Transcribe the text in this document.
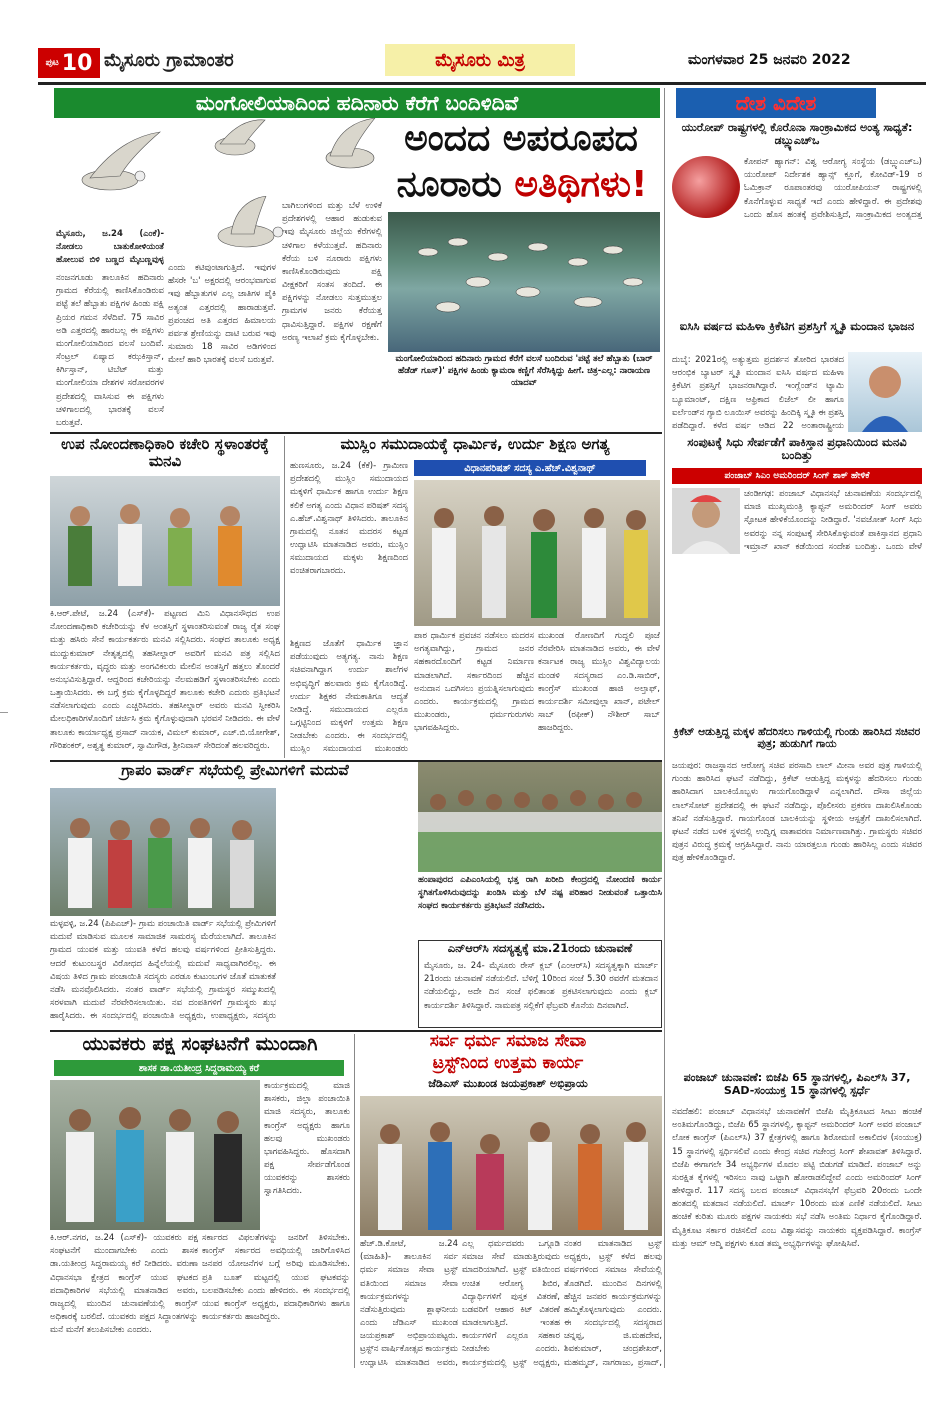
ಪುಟ 10 ಮೈಸೂರು ಗ್ರಾಮಾಂತರ	ಮೈಸೂರು ಮಿತ್ರ	ಮಂಗಳವಾರ 25 ಜನವರಿ 2022
ಮಂಗೋಲಿಯಾದಿಂದ ಹದಿನಾರು ಕೆರೆಗೆ ಬಂದಿಳಿದಿವೆ
ಅಂದದ ಅಪರೂಪದ
ನೂರಾರು ಅತಿಥಿಗಳು!
ಮೈಸೂರು, ಜ.24 (ಎಂಕೆ)- ನೋಡಲು ಬಾತುಕೋಳಿಯಂತೆ ಹೋಲುವ ಬಿಳಿ ಬಣ್ಣದ ಮೈಬಣ್ಣವುಳ್ಳ
ನಂಜನಗೂಡು ತಾಲೂಕಿನ ಹದಿನಾರು ಗ್ರಾಮದ ಕೆರೆಯಲ್ಲಿ ಕಾಣಿಸಿಕೊಂಡಿರುವ ಪಟ್ಟೆ ತಲೆ ಹೆಬ್ಬಾತು ಪಕ್ಷಿಗಳ ಹಿಂಡು ಪಕ್ಷಿ ಪ್ರಿಯರ ಗಮನ ಸೆಳೆದಿವೆ. 75 ಸಾವಿರ ಅಡಿ ಎತ್ತರದಲ್ಲಿ ಹಾರಬಲ್ಲ ಈ ಪಕ್ಷಿಗಳು ಮಂಗೋಲಿಯಾದಿಂದ ವಲಸೆ ಬಂದಿವೆ. ಸೆಂಟ್ರಲ್ ಏಷ್ಯಾದ ಕಝಕಿಸ್ತಾನ್, ಕಿರ್ಗಿಸ್ತಾನ್, ಟಿಬೆಟ್ ಮತ್ತು ಮಂಗೋಲಿಯಾ ದೇಶಗಳ ಸರೋವರಗಳ ಪ್ರದೇಶದಲ್ಲಿ ವಾಸಿಸುವ ಈ ಪಕ್ಷಿಗಳು ಚಳಿಗಾಲದಲ್ಲಿ ಭಾರತಕ್ಕೆ ವಲಸೆ ಬರುತ್ತವೆ.
ಎಂದು ಕಟಿವುಂಟಾಗುತ್ತಿದೆ. ಇವುಗಳ ಹೆಸರೇ 'ಬ' ಅಕ್ಷರದಲ್ಲಿ ಆರಂಭವಾಗುವ ಇವು ಹೆಬ್ಬಾತುಗಳ ಎಲ್ಲ ಜಾತಿಗಳ ಪೈಕಿ ಅತ್ಯಂತ ಎತ್ತರದಲ್ಲಿ ಹಾರಾಡುತ್ತವೆ. ಪ್ರಪಂಚದ ಅತಿ ಎತ್ತರದ ಹಿಮಾಲಯ ಪರ್ವತ ಶ್ರೇಣಿಯನ್ನು ದಾಟಿ ಬರುವ ಇವು ಸುಮಾರು 18 ಸಾವಿರ ಅಡಿಗಳಿಂದ ಮೇಲೆ ಹಾರಿ ಭಾರತಕ್ಕೆ ವಲಸೆ ಬರುತ್ತವೆ.
ಬಾಗಿಲುಗಳಿಂದ ಮತ್ತು ಬೆಳೆ ಉಳಿಕೆ ಪ್ರದೇಶಗಳಲ್ಲಿ ಆಹಾರ ಹುಡುಕುವ ಇವು ಮೈಸೂರು ಜಿಲ್ಲೆಯ ಕೆರೆಗಳಲ್ಲಿ ಚಳಿಗಾಲ ಕಳೆಯುತ್ತವೆ. ಹದಿನಾರು ಕೆರೆಯ ಬಳಿ ನೂರಾರು ಪಕ್ಷಿಗಳು ಕಾಣಿಸಿಕೊಂಡಿರುವುದು ಪಕ್ಷಿ ವೀಕ್ಷಕರಿಗೆ ಸಂತಸ ತಂದಿದೆ. ಈ ಪಕ್ಷಿಗಳನ್ನು ನೋಡಲು ಸುತ್ತಮುತ್ತಲ ಗ್ರಾಮಗಳ ಜನರು ಕೆರೆಯತ್ತ ಧಾವಿಸುತ್ತಿದ್ದಾರೆ. ಪಕ್ಷಿಗಳ ರಕ್ಷಣೆಗೆ ಅರಣ್ಯ ಇಲಾಖೆ ಕ್ರಮ ಕೈಗೊಳ್ಳಬೇಕು.
ಮಂಗೋಲಿಯಾದಿಂದ ಹದಿನಾರು ಗ್ರಾಮದ ಕೆರೆಗೆ ವಲಸೆ ಬಂದಿರುವ 'ಪಟ್ಟೆ ತಲೆ ಹೆಬ್ಬಾತು (ಬಾರ್ ಹೆಡೆಡ್ ಗೂಸ್)' ಪಕ್ಷಿಗಳ ಹಿಂಡು ಕ್ಯಾಮರಾ ಕಣ್ಣಿಗೆ ಸೆರೆಸಿಕ್ಕಿದ್ದು ಹೀಗೆ. ಚಿತ್ರ-ಎಲ್ಲ: ನಾರಾಯಣ ಯಾದವ್
ದೇಶ ವಿದೇಶ
ಯುರೋಪ್ ರಾಷ್ಟ್ರಗಳಲ್ಲಿ ಕೊರೊನಾ ಸಾಂಕ್ರಾಮಿಕದ ಅಂತ್ಯ ಸಾಧ್ಯತೆ: ಡಬ್ಲ್ಯುಎಚ್‌ಒ
ಕೋಪನ್ ಹ್ಯಾಗನ್: ವಿಶ್ವ ಆರೋಗ್ಯ ಸಂಸ್ಥೆಯ (ಡಬ್ಲ್ಯುಎಚ್‌ಒ) ಯುರೋಪ್ ನಿರ್ದೇಶಕ ಹ್ಯಾನ್ಸ್ ಕ್ಲೂಗೆ, ಕೋವಿಡ್-19 ರ ಓಮಿಕ್ರಾನ್ ರೂಪಾಂತರವು ಯುರೋಪಿಯನ್ ರಾಷ್ಟ್ರಗಳಲ್ಲಿ ಕೊನೆಗೊಳ್ಳುವ ಸಾಧ್ಯತೆ ಇದೆ ಎಂದು ಹೇಳಿದ್ದಾರೆ. ಈ ಪ್ರದೇಶವು ಒಂದು ಹೊಸ ಹಂತಕ್ಕೆ ಪ್ರವೇಶಿಸುತ್ತಿದೆ, ಸಾಂಕ್ರಾಮಿಕದ ಅಂತ್ಯದತ್ತ
ಐಸಿಸಿ ವರ್ಷದ ಮಹಿಳಾ ಕ್ರಿಕೆಟಿಗ ಪ್ರಶಸ್ತಿಗೆ ಸ್ಮೃತಿ ಮಂದಾನ ಭಾಜನ
ದುಬೈ: 2021ರಲ್ಲಿ ಅತ್ಯುತ್ತಮ ಪ್ರದರ್ಶನ ತೋರಿದ ಭಾರತದ ಆರಂಭಿಕ ಬ್ಯಾಟರ್ ಸ್ಮೃತಿ ಮಂದಾನ ಐಸಿಸಿ ವರ್ಷದ ಮಹಿಳಾ ಕ್ರಿಕೆಟಿಗ ಪ್ರಶಸ್ತಿಗೆ ಭಾಜನರಾಗಿದ್ದಾರೆ. ಇಂಗ್ಲೆಂಡ್‌ನ ಟ್ಯಾಮಿ ಬ್ಯೂಮಾಂಟ್, ದಕ್ಷಿಣ ಆಫ್ರಿಕಾದ ಲಿಜೆಲ್ ಲೀ ಹಾಗೂ ಐರ್ಲೆಂಡ್‌ನ ಗ್ಯಾಬಿ ಲೂಯಿಸ್ ಅವರನ್ನು ಹಿಂದಿಕ್ಕಿ ಸ್ಮೃತಿ ಈ ಪ್ರಶಸ್ತಿ ಪಡೆದಿದ್ದಾರೆ. ಕಳೆದ ವರ್ಷ ಆಡಿದ 22 ಅಂತಾರಾಷ್ಟ್ರೀಯ
ಸಂಪುಟಕ್ಕೆ ಸಿಧು ಸೇರ್ಪಡೆಗೆ ಪಾಕಿಸ್ತಾನ ಪ್ರಧಾನಿಯಿಂದ ಮನವಿ ಬಂದಿತ್ತು
ಪಂಜಾಬ್ ಸಿಎಂ ಅಮರಿಂದರ್ ಸಿಂಗ್ ಶಾಕ್ ಹೇಳಿಕೆ
ಚಂಡೀಗಢ: ಪಂಜಾಬ್ ವಿಧಾನಸಭೆ ಚುನಾವಣೆಯ ಸಂದರ್ಭದಲ್ಲಿ ಮಾಜಿ ಮುಖ್ಯಮಂತ್ರಿ ಕ್ಯಾಪ್ಟನ್ ಅಮರಿಂದರ್ ಸಿಂಗ್ ಅವರು ಸ್ಫೋಟಕ ಹೇಳಿಕೆಯೊಂದನ್ನು ನೀಡಿದ್ದಾರೆ. 'ನವಜೋತ್ ಸಿಂಗ್ ಸಿಧು ಅವರನ್ನು ನನ್ನ ಸಂಪುಟಕ್ಕೆ ಸೇರಿಸಿಕೊಳ್ಳುವಂತೆ ಪಾಕಿಸ್ತಾನದ ಪ್ರಧಾನಿ ಇಮ್ರಾನ್ ಖಾನ್ ಕಡೆಯಿಂದ ಸಂದೇಶ ಬಂದಿತ್ತು. ಒಂದು ವೇಳೆ
ಕ್ರಿಕೆಟ್ ಆಡುತ್ತಿದ್ದ ಮಕ್ಕಳ ಹೆದರಿಸಲು ಗಾಳಿಯಲ್ಲಿ ಗುಂಡು ಹಾರಿಸಿದ ಸಚಿವರ ಪುತ್ರ; ಹುಡುಗಿಗೆ ಗಾಯ
ಜಯಪುರ: ರಾಜಸ್ಥಾನದ ಆರೋಗ್ಯ ಸಚಿವ ಪರಸಾದಿ ಲಾಲ್ ಮೀನಾ ಅವರ ಪುತ್ರ ಗಾಳಿಯಲ್ಲಿ ಗುಂಡು ಹಾರಿಸಿದ ಘಟನೆ ನಡೆದಿದ್ದು, ಕ್ರಿಕೆಟ್ ಆಡುತ್ತಿದ್ದ ಮಕ್ಕಳನ್ನು ಹೆದರಿಸಲು ಗುಂಡು ಹಾರಿಸಿದಾಗ ಬಾಲಕಿಯೊಬ್ಬಳು ಗಾಯಗೊಂಡಿದ್ದಾಳೆ ಎನ್ನಲಾಗಿದೆ. ದೌಸಾ ಜಿಲ್ಲೆಯ ಲಾಲ್‌ಸೋಟ್ ಪ್ರದೇಶದಲ್ಲಿ ಈ ಘಟನೆ ನಡೆದಿದ್ದು, ಪೊಲೀಸರು ಪ್ರಕರಣ ದಾಖಲಿಸಿಕೊಂಡು ತನಿಖೆ ನಡೆಸುತ್ತಿದ್ದಾರೆ. ಗಾಯಗೊಂಡ ಬಾಲಕಿಯನ್ನು ಸ್ಥಳೀಯ ಆಸ್ಪತ್ರೆಗೆ ದಾಖಲಿಸಲಾಗಿದೆ. ಘಟನೆ ನಡೆದ ಬಳಿಕ ಸ್ಥಳದಲ್ಲಿ ಉದ್ವಿಗ್ನ ವಾತಾವರಣ ನಿರ್ಮಾಣವಾಗಿತ್ತು. ಗ್ರಾಮಸ್ಥರು ಸಚಿವರ ಪುತ್ರನ ವಿರುದ್ಧ ಕ್ರಮಕ್ಕೆ ಆಗ್ರಹಿಸಿದ್ದಾರೆ. ನಾನು ಯಾರತ್ತಲೂ ಗುಂಡು ಹಾರಿಸಿಲ್ಲ ಎಂದು ಸಚಿವರ ಪುತ್ರ ಹೇಳಿಕೊಂಡಿದ್ದಾರೆ.
ಪಂಜಾಬ್ ಚುನಾವಣೆ: ಬಿಜೆಪಿ 65 ಸ್ಥಾನಗಳಲ್ಲಿ, ಪಿಎಲ್‌ಸಿ 37, SAD-ಸಂಯುಕ್ತ 15 ಸ್ಥಾನಗಳಲ್ಲಿ ಸ್ಪರ್ಧೆ
ನವದೆಹಲಿ: ಪಂಜಾಬ್ ವಿಧಾನಸಭೆ ಚುನಾವಣೆಗೆ ಬಿಜೆಪಿ ಮೈತ್ರಿಕೂಟದ ಸೀಟು ಹಂಚಿಕೆ ಅಂತಿಮಗೊಂಡಿದ್ದು, ಬಿಜೆಪಿ 65 ಸ್ಥಾನಗಳಲ್ಲಿ, ಕ್ಯಾಪ್ಟನ್ ಅಮರಿಂದರ್ ಸಿಂಗ್ ಅವರ ಪಂಜಾಬ್ ಲೋಕ ಕಾಂಗ್ರೆಸ್ (ಪಿಎಲ್‌ಸಿ) 37 ಕ್ಷೇತ್ರಗಳಲ್ಲಿ ಹಾಗೂ ಶಿರೋಮಣಿ ಅಕಾಲಿದಳ (ಸಂಯುಕ್ತ) 15 ಸ್ಥಾನಗಳಲ್ಲಿ ಸ್ಪರ್ಧಿಸಲಿವೆ ಎಂದು ಕೇಂದ್ರ ಸಚಿವ ಗಜೇಂದ್ರ ಸಿಂಗ್ ಶೇಖಾವತ್ ತಿಳಿಸಿದ್ದಾರೆ. ಬಿಜೆಪಿ ಈಗಾಗಲೇ 34 ಅಭ್ಯರ್ಥಿಗಳ ಮೊದಲ ಪಟ್ಟಿ ಬಿಡುಗಡೆ ಮಾಡಿದೆ. ಪಂಜಾಬ್ ಅನ್ನು ಸುರಕ್ಷಿತ ಕೈಗಳಲ್ಲಿ ಇರಿಸಲು ನಾವು ಒಟ್ಟಾಗಿ ಹೋರಾಡಲಿದ್ದೇವೆ ಎಂದು ಅಮರಿಂದರ್ ಸಿಂಗ್ ಹೇಳಿದ್ದಾರೆ. 117 ಸದಸ್ಯ ಬಲದ ಪಂಜಾಬ್ ವಿಧಾನಸಭೆಗೆ ಫೆಬ್ರವರಿ 20ರಂದು ಒಂದೇ ಹಂತದಲ್ಲಿ ಮತದಾನ ನಡೆಯಲಿದೆ. ಮಾರ್ಚ್ 10ರಂದು ಮತ ಎಣಿಕೆ ನಡೆಯಲಿದೆ. ಸೀಟು ಹಂಚಿಕೆ ಕುರಿತು ಮೂರು ಪಕ್ಷಗಳ ನಾಯಕರು ಸಭೆ ನಡೆಸಿ ಅಂತಿಮ ನಿರ್ಧಾರ ಕೈಗೊಂಡಿದ್ದಾರೆ. ಮೈತ್ರಿಕೂಟ ಸರ್ಕಾರ ರಚಿಸಲಿದೆ ಎಂಬ ವಿಶ್ವಾಸವನ್ನು ನಾಯಕರು ವ್ಯಕ್ತಪಡಿಸಿದ್ದಾರೆ. ಕಾಂಗ್ರೆಸ್ ಮತ್ತು ಆಮ್ ಆದ್ಮಿ ಪಕ್ಷಗಳು ಕೂಡ ತಮ್ಮ ಅಭ್ಯರ್ಥಿಗಳನ್ನು ಘೋಷಿಸಿವೆ.
ಉಪ ನೋಂದಣಾಧಿಕಾರಿ ಕಚೇರಿ ಸ್ಥಳಾಂತರಕ್ಕೆ ಮನವಿ
ಕಿ.ಆರ್.ಪೇಟೆ, ಜ.24 (ಎಸ್‌ಕೆ)- ಪಟ್ಟಣದ ಮಿನಿ ವಿಧಾನಸೌಧದ ಉಪ ನೋಂದಣಾಧಿಕಾರಿ ಕಚೇರಿಯನ್ನು ಕೆಳ ಅಂತಸ್ತಿಗೆ ಸ್ಥಳಾಂತರಿಸುವಂತೆ ರಾಜ್ಯ ರೈತ ಸಂಘ ಮತ್ತು ಹಸಿರು ಸೇನೆ ಕಾರ್ಯಕರ್ತರು ಮನವಿ ಸಲ್ಲಿಸಿದರು. ಸಂಘದ ತಾಲೂಕು ಅಧ್ಯಕ್ಷ ಮುದ್ದುಕುಮಾರ್ ನೇತೃತ್ವದಲ್ಲಿ ತಹಸೀಲ್ದಾರ್ ಅವರಿಗೆ ಮನವಿ ಪತ್ರ ಸಲ್ಲಿಸಿದ ಕಾರ್ಯಕರ್ತರು, ವೃದ್ಧರು ಮತ್ತು ಅಂಗವಿಕಲರು ಮೇಲಿನ ಅಂತಸ್ತಿಗೆ ಹತ್ತಲು ತೊಂದರೆ ಅನುಭವಿಸುತ್ತಿದ್ದಾರೆ. ಆದ್ದರಿಂದ ಕಚೇರಿಯನ್ನು ನೆಲಮಹಡಿಗೆ ಸ್ಥಳಾಂತರಿಸಬೇಕು ಎಂದು ಒತ್ತಾಯಿಸಿದರು. ಈ ಬಗ್ಗೆ ಕ್ರಮ ಕೈಗೊಳ್ಳದಿದ್ದರೆ ತಾಲೂಕು ಕಚೇರಿ ಎದುರು ಪ್ರತಿಭಟನೆ ನಡೆಸಲಾಗುವುದು ಎಂದು ಎಚ್ಚರಿಸಿದರು. ತಹಸೀಲ್ದಾರ್ ಅವರು ಮನವಿ ಸ್ವೀಕರಿಸಿ ಮೇಲಧಿಕಾರಿಗಳೊಂದಿಗೆ ಚರ್ಚಿಸಿ ಕ್ರಮ ಕೈಗೊಳ್ಳುವುದಾಗಿ ಭರವಸೆ ನೀಡಿದರು. ಈ ವೇಳೆ ತಾಲೂಕು ಕಾರ್ಯಾಧ್ಯಕ್ಷ ಪ್ರಸಾದ್ ನಾಯಕ, ವಿಮಲ್ ಕುಮಾರ್, ಎಚ್.ಬಿ.ಯೋಗೇಶ್, ಗೌರಿಶಂಕರ್, ಅಶ್ವತ್ಥ ಕುಮಾರ್, ಸ್ವಾಮಿಗೌಡ, ಶ್ರೀನಿವಾಸ್ ಸೇರಿದಂತೆ ಹಲವರಿದ್ದರು.
ಮುಸ್ಲಿಂ ಸಮುದಾಯಕ್ಕೆ ಧಾರ್ಮಿಕ, ಉರ್ದು ಶಿಕ್ಷಣ ಅಗತ್ಯ
ವಿಧಾನಪರಿಷತ್ ಸದಸ್ಯ ಎ.ಹೆಚ್.ವಿಶ್ವನಾಥ್
ಹುಣಸೂರು, ಜ.24 (ಕೆಕೆ)- ಗ್ರಾಮೀಣ ಪ್ರದೇಶದಲ್ಲಿ ಮುಸ್ಲಿಂ ಸಮುದಾಯದ ಮಕ್ಕಳಿಗೆ ಧಾರ್ಮಿಕ ಹಾಗೂ ಉರ್ದು ಶಿಕ್ಷಣ ಕಲಿಕೆ ಅಗತ್ಯ ಎಂದು ವಿಧಾನ ಪರಿಷತ್ ಸದಸ್ಯ ಎ.ಹೆಚ್.ವಿಶ್ವನಾಥ್ ತಿಳಿಸಿದರು. ತಾಲೂಕಿನ ಗ್ರಾಮದಲ್ಲಿ ನೂತನ ಮದರಸ ಕಟ್ಟಡ ಉದ್ಘಾಟಿಸಿ ಮಾತನಾಡಿದ ಅವರು, ಮುಸ್ಲಿಂ ಸಮುದಾಯದ ಮಕ್ಕಳು ಶಿಕ್ಷಣದಿಂದ ವಂಚಿತರಾಗಬಾರದು.
ಶಿಕ್ಷಣದ ಜೊತೆಗೆ ಧಾರ್ಮಿಕ ಜ್ಞಾನ ಪಡೆಯುವುದು ಅತ್ಯಗತ್ಯ. ನಾನು ಶಿಕ್ಷಣ ಸಚಿವನಾಗಿದ್ದಾಗ ಉರ್ದು ಶಾಲೆಗಳ ಅಭಿವೃದ್ಧಿಗೆ ಹಲವಾರು ಕ್ರಮ ಕೈಗೊಂಡಿದ್ದೆ. ಉರ್ದು ಶಿಕ್ಷಕರ ನೇಮಕಾತಿಗೂ ಆದ್ಯತೆ ನೀಡಿದ್ದೆ. ಸಮುದಾಯದ ಎಲ್ಲರೂ ಒಗ್ಗಟ್ಟಿನಿಂದ ಮಕ್ಕಳಿಗೆ ಉತ್ತಮ ಶಿಕ್ಷಣ ನೀಡಬೇಕು ಎಂದರು. ಈ ಸಂದರ್ಭದಲ್ಲಿ ಮುಸ್ಲಿಂ ಸಮುದಾಯದ ಮುಖಂಡರು
ಪಾಠ ಧಾರ್ಮಿಕ ಪ್ರವಚನ ನಡೆಸಲು ಮದರಸ ಅಗತ್ಯವಾಗಿದ್ದು, ಗ್ರಾಮದ ಜನರ ಸಹಕಾರದೊಂದಿಗೆ ಕಟ್ಟಡ ನಿರ್ಮಾಣ ಮಾಡಲಾಗಿದೆ. ಸರ್ಕಾರದಿಂದ ಹೆಚ್ಚಿನ ಅನುದಾನ ಒದಗಿಸಲು ಪ್ರಯತ್ನಿಸಲಾಗುವುದು ಎಂದರು. ಕಾರ್ಯಕ್ರಮದಲ್ಲಿ ಗ್ರಾಮದ ಮುಖಂಡರು, ಧರ್ಮಗುರುಗಳು ಭಾಗವಹಿಸಿದ್ದರು.
ಮುಖಂಡ ರೋಣದಿಗೆ ಗುದ್ದಲಿ ಪೂಜೆ ನೆರವೇರಿಸಿ ಮಾತನಾಡಿದ ಅವರು, ಈ ವೇಳೆ ಕರ್ನಾಟಕ ರಾಜ್ಯ ಮುಸ್ಲಿಂ ವಿಶ್ವವಿದ್ಯಾಲಯ ಮಂಡಳಿ ಸದಸ್ಯರಾದ ಎಂ.ಡಿ.ಸಾಬಿರ್, ಕಾಂಗ್ರೆಸ್ ಮುಖಂಡ ಹಾಜಿ ಅಲ್ತಾಫ್, ಕಾರ್ಯದರ್ಶಿ ಸಮೀವುಲ್ಲಾ ಖಾನ್, ಪಟೇಲ್ ಸಾಬ್ (ರಫೀಕ್) ನೌಶೀರ್ ಸಾಬ್ ಹಾಜರಿದ್ದರು.
ಗ್ರಾಪಂ ವಾರ್ಡ್ ಸಭೆಯಲ್ಲಿ ಪ್ರೇಮಿಗಳಿಗೆ ಮದುವೆ
ಮಳ್ಳವಳ್ಳಿ, ಜ.24 (ಪಿಪಿಎಚ್)- ಗ್ರಾಮ ಪಂಚಾಯಿತಿ ವಾರ್ಡ್ ಸಭೆಯಲ್ಲಿ ಪ್ರೇಮಿಗಳಿಗೆ ಮದುವೆ ಮಾಡಿಸುವ ಮೂಲಕ ಸಾಮಾಜಿಕ ಸಾಮರಸ್ಯ ಮೆರೆಯಲಾಗಿದೆ. ತಾಲೂಕಿನ ಗ್ರಾಮದ ಯುವಕ ಮತ್ತು ಯುವತಿ ಕಳೆದ ಹಲವು ವರ್ಷಗಳಿಂದ ಪ್ರೀತಿಸುತ್ತಿದ್ದರು. ಆದರೆ ಕುಟುಂಬಸ್ಥರ ವಿರೋಧದ ಹಿನ್ನೆಲೆಯಲ್ಲಿ ಮದುವೆ ಸಾಧ್ಯವಾಗಿರಲಿಲ್ಲ. ಈ ವಿಷಯ ತಿಳಿದ ಗ್ರಾಮ ಪಂಚಾಯಿತಿ ಸದಸ್ಯರು ಎರಡೂ ಕುಟುಂಬಗಳ ಜೊತೆ ಮಾತುಕತೆ ನಡೆಸಿ ಮನವೊಲಿಸಿದರು. ನಂತರ ವಾರ್ಡ್ ಸಭೆಯಲ್ಲಿ ಗ್ರಾಮಸ್ಥರ ಸಮ್ಮುಖದಲ್ಲಿ ಸರಳವಾಗಿ ಮದುವೆ ನೆರವೇರಿಸಲಾಯಿತು. ನವ ದಂಪತಿಗಳಿಗೆ ಗ್ರಾಮಸ್ಥರು ಶುಭ ಹಾರೈಸಿದರು. ಈ ಸಂದರ್ಭದಲ್ಲಿ ಪಂಚಾಯಿತಿ ಅಧ್ಯಕ್ಷರು, ಉಪಾಧ್ಯಕ್ಷರು, ಸದಸ್ಯರು
ಹಂಪಾಪುರದ ಎಪಿಎಂಸಿಯಲ್ಲಿ ಭತ್ತ ರಾಗಿ ಖರೀದಿ ಕೇಂದ್ರದಲ್ಲಿ ನೋಂದಣಿ ಕಾರ್ಯ ಸ್ಥಗಿತಗೊಳಿಸಿರುವುದನ್ನು ಖಂಡಿಸಿ ಮತ್ತು ಬೆಳೆ ನಷ್ಟ ಪರಿಹಾರ ನೀಡುವಂತೆ ಒತ್ತಾಯಿಸಿ ಸಂಘದ ಕಾರ್ಯಕರ್ತರು ಪ್ರತಿಭಟನೆ ನಡೆಸಿದರು.
ಎನ್‌ಆರ್‌ಸಿ ಸದಸ್ಯತ್ವಕ್ಕೆ ಮಾ.21ರಂದು ಚುನಾವಣೆ
ಮೈಸೂರು, ಜ. 24- ಮೈಸೂರು ರೇಸ್ ಕ್ಲಬ್ (ಎಂಆರ್‌ಸಿ) ಸದಸ್ಯತ್ವಕ್ಕಾಗಿ ಮಾರ್ಚ್ 21ರಂದು ಚುನಾವಣೆ ನಡೆಯಲಿದೆ. ಬೆಳಿಗ್ಗೆ 10ರಿಂದ ಸಂಜೆ 5.30 ರವರೆಗೆ ಮತದಾನ ನಡೆಯಲಿದ್ದು, ಅದೇ ದಿನ ಸಂಜೆ ಫಲಿತಾಂಶ ಪ್ರಕಟಿಸಲಾಗುವುದು ಎಂದು ಕ್ಲಬ್ ಕಾರ್ಯದರ್ಶಿ ತಿಳಿಸಿದ್ದಾರೆ. ನಾಮಪತ್ರ ಸಲ್ಲಿಕೆಗೆ ಫೆಬ್ರವರಿ ಕೊನೆಯ ದಿನವಾಗಿದೆ.
ಯುವಕರು ಪಕ್ಷ ಸಂಘಟನೆಗೆ ಮುಂದಾಗಿ
ಶಾಸಕ ಡಾ.ಯತೀಂದ್ರ ಸಿದ್ದರಾಮಯ್ಯ ಕರೆ
ಕಾರ್ಯಕ್ರಮದಲ್ಲಿ ಮಾಜಿ ಶಾಸಕರು, ಜಿಲ್ಲಾ ಪಂಚಾಯಿತಿ ಮಾಜಿ ಸದಸ್ಯರು, ತಾಲೂಕು ಕಾಂಗ್ರೆಸ್ ಅಧ್ಯಕ್ಷರು ಹಾಗೂ ಹಲವು ಮುಖಂಡರು ಭಾಗವಹಿಸಿದ್ದರು. ಹೊಸದಾಗಿ ಪಕ್ಷ ಸೇರ್ಪಡೆಗೊಂಡ ಯುವಕರನ್ನು ಶಾಸಕರು ಸ್ವಾಗತಿಸಿದರು.
ಕಿ.ಆರ್.ನಗರ, ಜ.24 (ಎಸ್‌ಕೆ)- ಯುವಕರು ಪಕ್ಷ ಸಂಘಟನೆಗೆ ಮುಂದಾಗಬೇಕು ಎಂದು ಶಾಸಕ ಡಾ.ಯತೀಂದ್ರ ಸಿದ್ದರಾಮಯ್ಯ ಕರೆ ನೀಡಿದರು. ವರುಣಾ ವಿಧಾನಸಭಾ ಕ್ಷೇತ್ರದ ಕಾಂಗ್ರೆಸ್ ಯುವ ಘಟಕದ ಪದಾಧಿಕಾರಿಗಳ ಸಭೆಯಲ್ಲಿ ಮಾತನಾಡಿದ ಅವರು, ರಾಜ್ಯದಲ್ಲಿ ಮುಂದಿನ ಚುನಾವಣೆಯಲ್ಲಿ ಕಾಂಗ್ರೆಸ್ ಅಧಿಕಾರಕ್ಕೆ ಬರಲಿದೆ. ಯುವಕರು ಪಕ್ಷದ ಸಿದ್ಧಾಂತಗಳನ್ನು ಮನೆ ಮನೆಗೆ ತಲುಪಿಸಬೇಕು ಎಂದರು.
ಸರ್ಕಾರದ ವಿಫಲತೆಗಳನ್ನು ಜನರಿಗೆ ತಿಳಿಸಬೇಕು. ಕಾಂಗ್ರೆಸ್ ಸರ್ಕಾರದ ಅವಧಿಯಲ್ಲಿ ಜಾರಿಗೊಳಿಸಿದ ಜನಪರ ಯೋಜನೆಗಳ ಬಗ್ಗೆ ಅರಿವು ಮೂಡಿಸಬೇಕು. ಪ್ರತಿ ಬೂತ್ ಮಟ್ಟದಲ್ಲಿ ಯುವ ಘಟಕವನ್ನು ಬಲಪಡಿಸಬೇಕು ಎಂದು ಹೇಳಿದರು. ಈ ಸಂದರ್ಭದಲ್ಲಿ ಯುವ ಕಾಂಗ್ರೆಸ್ ಅಧ್ಯಕ್ಷರು, ಪದಾಧಿಕಾರಿಗಳು ಹಾಗೂ ಕಾರ್ಯಕರ್ತರು ಹಾಜರಿದ್ದರು.
ಸರ್ವ ಧರ್ಮ ಸಮಾಜ ಸೇವಾ
ಟ್ರಸ್ಟ್‌ನಿಂದ ಉತ್ತಮ ಕಾರ್ಯ
ಜೆಡಿಎಸ್ ಮುಖಂಡ ಜಯಪ್ರಕಾಶ್ ಅಭಿಪ್ರಾಯ
ಹೆಚ್.ಡಿ.ಕೋಟೆ, ಜ.24 (ಮಾಹಿತಿ)- ತಾಲೂಕಿನ ಸರ್ವ ಧರ್ಮ ಸಮಾಜ ಸೇವಾ ಟ್ರಸ್ಟ್ ವತಿಯಿಂದ ಸಮಾಜ ಸೇವಾ ಕಾರ್ಯಕ್ರಮಗಳನ್ನು ನಡೆಸುತ್ತಿರುವುದು ಶ್ಲಾಘನೀಯ ಎಂದು ಜೆಡಿಎಸ್ ಮುಖಂಡ ಜಯಪ್ರಕಾಶ್ ಅಭಿಪ್ರಾಯಪಟ್ಟರು. ಟ್ರಸ್ಟ್‌ನ ವಾರ್ಷಿಕೋತ್ಸವ ಕಾರ್ಯಕ್ರಮ ಉದ್ಘಾಟಿಸಿ ಮಾತನಾಡಿದ ಅವರು,
ಎಲ್ಲ ಧರ್ಮದವರು ಒಗ್ಗೂಡಿ ಸಮಾಜ ಸೇವೆ ಮಾಡುತ್ತಿರುವುದು ಮಾದರಿಯಾಗಿದೆ. ಟ್ರಸ್ಟ್ ವತಿಯಿಂದ ಉಚಿತ ಆರೋಗ್ಯ ಶಿಬಿರ, ವಿದ್ಯಾರ್ಥಿಗಳಿಗೆ ಪುಸ್ತಕ ವಿತರಣೆ, ಬಡವರಿಗೆ ಆಹಾರ ಕಿಟ್ ವಿತರಣೆ ಮಾಡಲಾಗುತ್ತಿದೆ. ಇಂತಹ ಕಾರ್ಯಗಳಿಗೆ ಎಲ್ಲರೂ ಸಹಕಾರ ನೀಡಬೇಕು ಎಂದರು. ಕಾರ್ಯಕ್ರಮದಲ್ಲಿ ಟ್ರಸ್ಟ್ ಅಧ್ಯಕ್ಷರು,
ನಂತರ ಮಾತನಾಡಿದ ಟ್ರಸ್ಟ್ ಅಧ್ಯಕ್ಷರು, ಟ್ರಸ್ಟ್ ಕಳೆದ ಹಲವು ವರ್ಷಗಳಿಂದ ಸಮಾಜ ಸೇವೆಯಲ್ಲಿ ತೊಡಗಿದೆ. ಮುಂದಿನ ದಿನಗಳಲ್ಲಿ ಹೆಚ್ಚಿನ ಜನಪರ ಕಾರ್ಯಕ್ರಮಗಳನ್ನು ಹಮ್ಮಿಕೊಳ್ಳಲಾಗುವುದು ಎಂದರು. ಈ ಸಂದರ್ಭದಲ್ಲಿ ಸದಸ್ಯರಾದ ಚನ್ನಪ್ಪ, ಜಿ.ಮಹದೇವ, ಶಿವಕುಮಾರ್, ಚಂದ್ರಶೇಖರ್, ಮಹಮ್ಮದ್, ನಾಗರಾಜು, ಪ್ರಸಾದ್,
